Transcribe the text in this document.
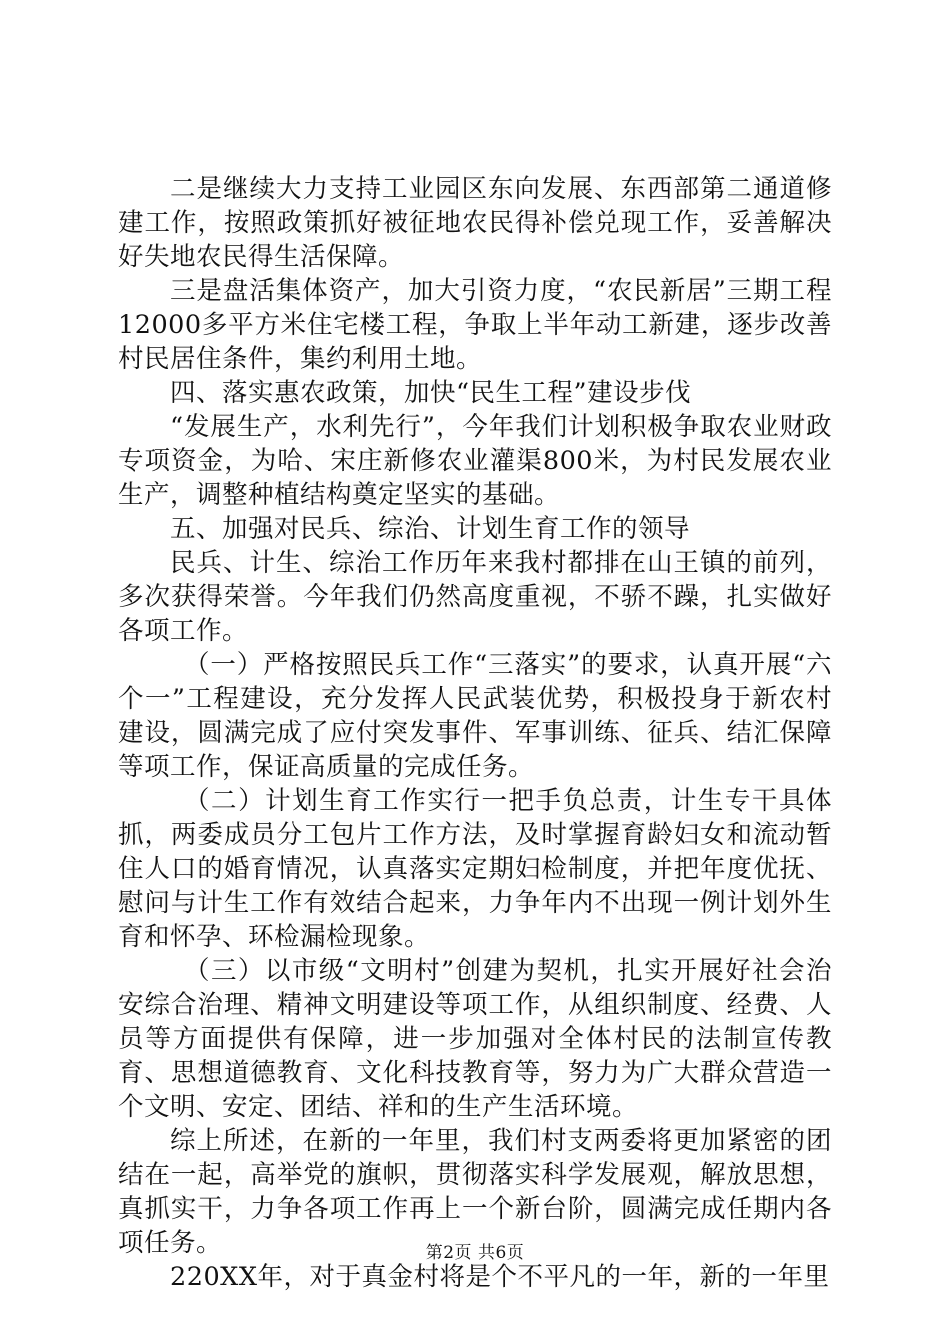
二是继续大力支持工业园区东向发展、东西部第二通道修建工作，按照政策抓好被征地农民得补偿兑现工作，妥善解决好失地农民得生活保障。

三是盘活集体资产，加大引资力度，“农民新居”三期工程12000多平方米住宅楼工程，争取上半年动工新建，逐步改善村民居住条件，集约利用土地。

四、落实惠农政策，加快“民生工程”建设步伐

“发展生产，水利先行”，今年我们计划积极争取农业财政专项资金，为哈、宋庄新修农业灌渠800米，为村民发展农业生产，调整种植结构奠定坚实的基础。

五、加强对民兵、综治、计划生育工作的领导

民兵、计生、综治工作历年来我村都排在山王镇的前列，多次获得荣誉。今年我们仍然高度重视，不骄不躁，扎实做好各项工作。

（一）严格按照民兵工作“三落实”的要求，认真开展“六个一”工程建设，充分发挥人民武装优势，积极投身于新农村建设，圆满完成了应付突发事件、军事训练、征兵、结汇保障等项工作，保证高质量的完成任务。

（二）计划生育工作实行一把手负总责，计生专干具体抓，两委成员分工包片工作方法，及时掌握育龄妇女和流动暂住人口的婚育情况，认真落实定期妇检制度，并把年度优抚、慰问与计生工作有效结合起来，力争年内不出现一例计划外生育和怀孕、环检漏检现象。

（三）以市级“文明村”创建为契机，扎实开展好社会治安综合治理、精神文明建设等项工作，从组织制度、经费、人员等方面提供有保障，进一步加强对全体村民的法制宣传教育、思想道德教育、文化科技教育等，努力为广大群众营造一个文明、安定、团结、祥和的生产生活环境。

综上所述，在新的一年里，我们村支两委将更加紧密的团结在一起，高举党的旗帜，贯彻落实科学发展观，解放思想，真抓实干，力争各项工作再上一个新台阶，圆满完成任期内各项任务。

220XX年，对于真金村将是个不平凡的一年，新的一年里

第2页 共6页
